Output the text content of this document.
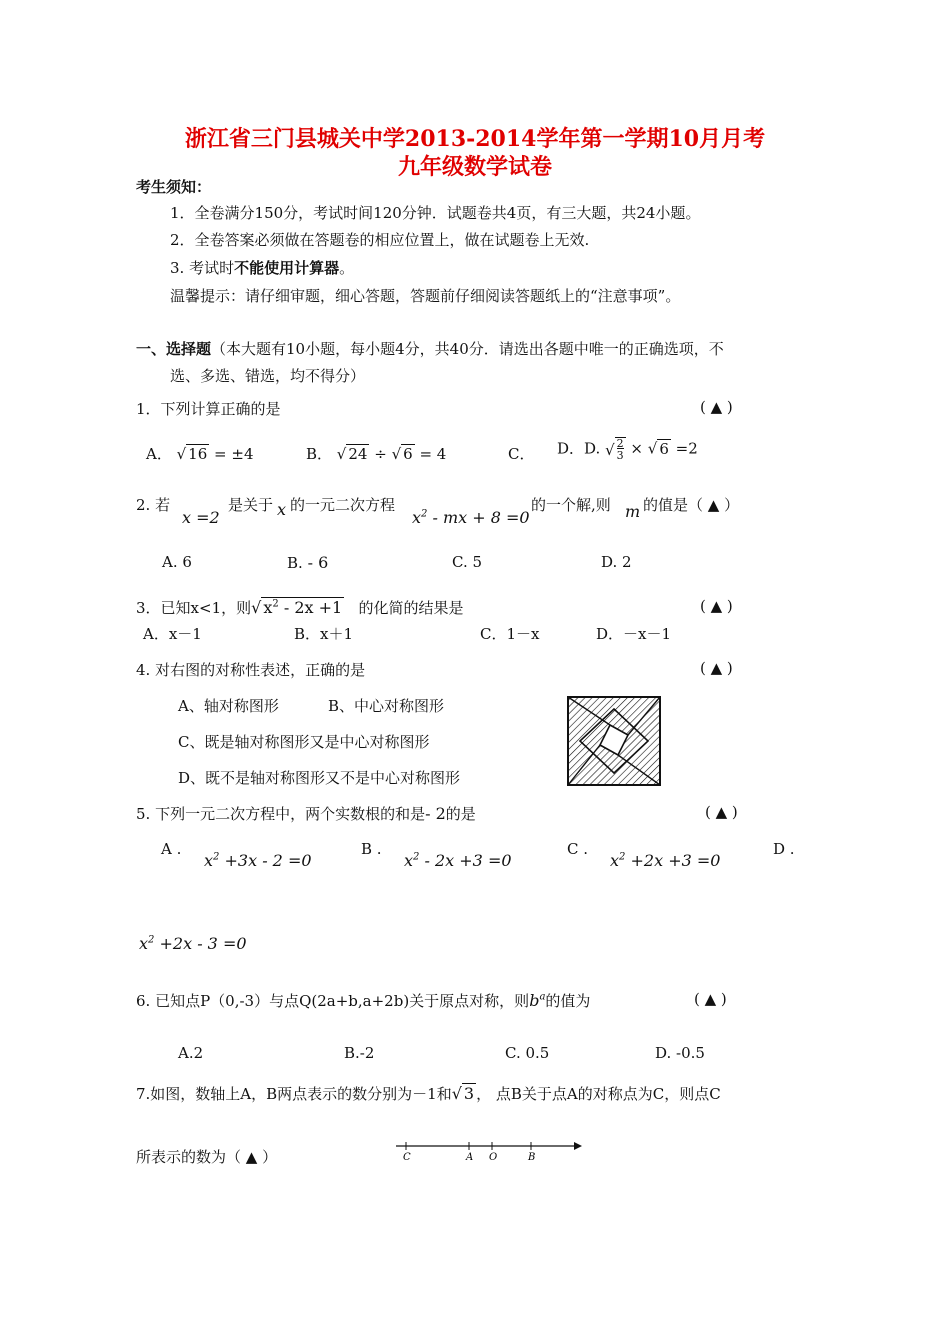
浙江省三门县城关中学2013-2014学年第一学期10月月考
九年级数学试卷
考生须知：
1．全卷满分150分，考试时间120分钟．试题卷共4页，有三大题，共24小题。
2．全卷答案必须做在答题卷的相应位置上，做在试题卷上无效.
3. 考试时不能使用计算器。
温馨提示：请仔细审题，细心答题，答题前仔细阅读答题纸上的“注意事项”。
一、选择题（本大题有10小题，每小题4分，共40分．请选出各题中唯一的正确选项，不
选、多选、错选，均不得分）
1．下列计算正确的是	( ▲ )
A． √ 16 = ±4	B． √ 24 ÷ √ 6 = 4	C． D．D. $√\frac{2}{3}$ × √ 6 =2
2. 若
x =2
是关于 x 的一元二次方程
$x^2$ - mx + 8 =0
的一个解,则 m 的值是（ ▲ ）
A. 6	B. - 6	C. 5	D. 2
3．已知x<1，则√ $x^2 - 2x +1$ 的化简的结果是	( ▲ )
A．x－1	B．x＋1	C．1－x	D．－x－1
4. 对右图的对称性表述，正确的是	( ▲ )
A、轴对称图形	B、中心对称图形
C、既是轴对称图形又是中心对称图形
D、既不是轴对称图形又不是中心对称图形
5. 下列一元二次方程中，两个实数根的和是- 2的是	( ▲ )
A .
$x^2 +3x - 2 =0$
B .
$x^2 - 2x +3 =0$
C .
$x^2 +2x +3 =0$
D .
$x^2 +2x - 3 =0$
6. 已知点P（0,-3）与点Q(2a+b,a+2b)关于原点对称，则$b^a$的值为	( ▲ )
A.2	B.-2	C. 0.5	D. -0.5
7.如图，数轴上A，B两点表示的数分别为－1和√ 3 ， 点B关于点A的对称点为C，则点C
所表示的数为（ ▲ ）	C	A O	B
